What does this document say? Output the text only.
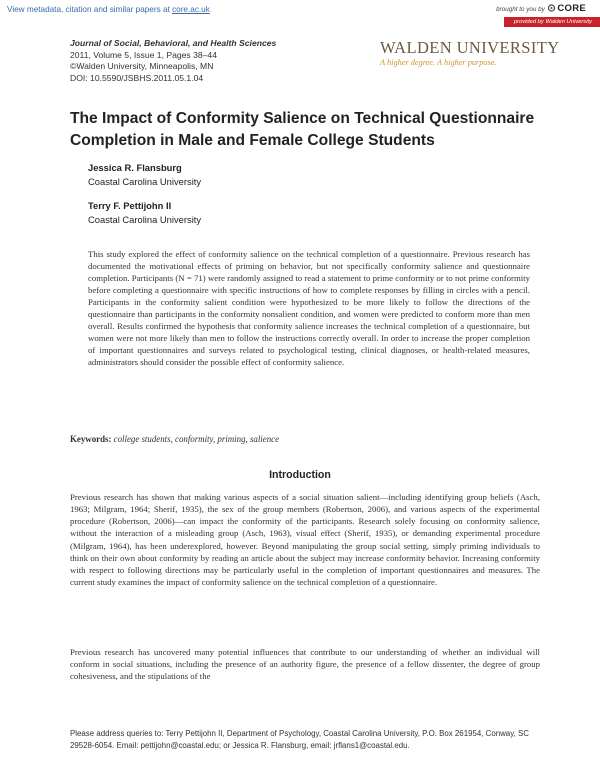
View metadata, citation and similar papers at core.ac.uk	brought to you by CORE
provided by Walden University
Journal of Social, Behavioral, and Health Sciences
2011, Volume 5, Issue 1, Pages 38–44
©Walden University, Minneapolis, MN
DOI: 10.5590/JSBHS.2011.05.1.04
WALDEN UNIVERSITY
A higher degree. A higher purpose.
The Impact of Conformity Salience on Technical Questionnaire Completion in Male and Female College Students
Jessica R. Flansburg
Coastal Carolina University
Terry F. Pettijohn II
Coastal Carolina University

This study explored the effect of conformity salience on the technical completion of a questionnaire. Previous research has documented the motivational effects of priming on behavior, but not specifically conformity salience and questionnaire completion. Participants (N = 71) were randomly assigned to read a statement to prime conformity or to not prime conformity before completing a questionnaire with specific instructions of how to complete responses by filling in circles with a pencil. Participants in the conformity salient condition were hypothesized to be more likely to follow the directions of the questionnaire than participants in the conformity nonsalient condition, and women were predicted to conform more than men overall. Results confirmed the hypothesis that conformity salience increases the technical completion of a questionnaire, but women were not more likely than men to follow the instructions correctly overall. In order to increase the proper completion of important questionnaires and surveys related to psychological testing, clinical diagnoses, or health-related measures, administrators should consider the possible effect of conformity salience.

Keywords: college students, conformity, priming, salience
Introduction

Previous research has shown that making various aspects of a social situation salient—including identifying group beliefs (Asch, 1963; Milgram, 1964; Sherif, 1935), the sex of the group members (Robertson, 2006), and various aspects of the experimental procedure (Robertson, 2006)—can impact the conformity of the participants. Research solely focusing on conformity salience, without the interaction of a misleading group (Asch, 1963), visual effect (Sherif, 1935), or demanding experimental procedure (Milgram, 1964), has been underexplored, however. Beyond manipulating the group social setting, simply priming individuals to think on their own about conformity by reading an article about the subject may increase conformity behavior. Increasing conformity with respect to following directions may be particularly useful in the completion of important questionnaires and measures. The current study examines the impact of conformity salience on the technical completion of a questionnaire.

Previous research has uncovered many potential influences that contribute to our understanding of whether an individual will conform in social situations, including the presence of an authority figure, the presence of a fellow dissenter, the degree of group cohesiveness, and the stipulations of the

Please address queries to: Terry Pettijohn II, Department of Psychology, Coastal Carolina University, P.O. Box 261954, Conway, SC 29528-6054. Email: pettijohn@coastal.edu; or Jessica R. Flansburg, email: jrflans1@coastal.edu.
